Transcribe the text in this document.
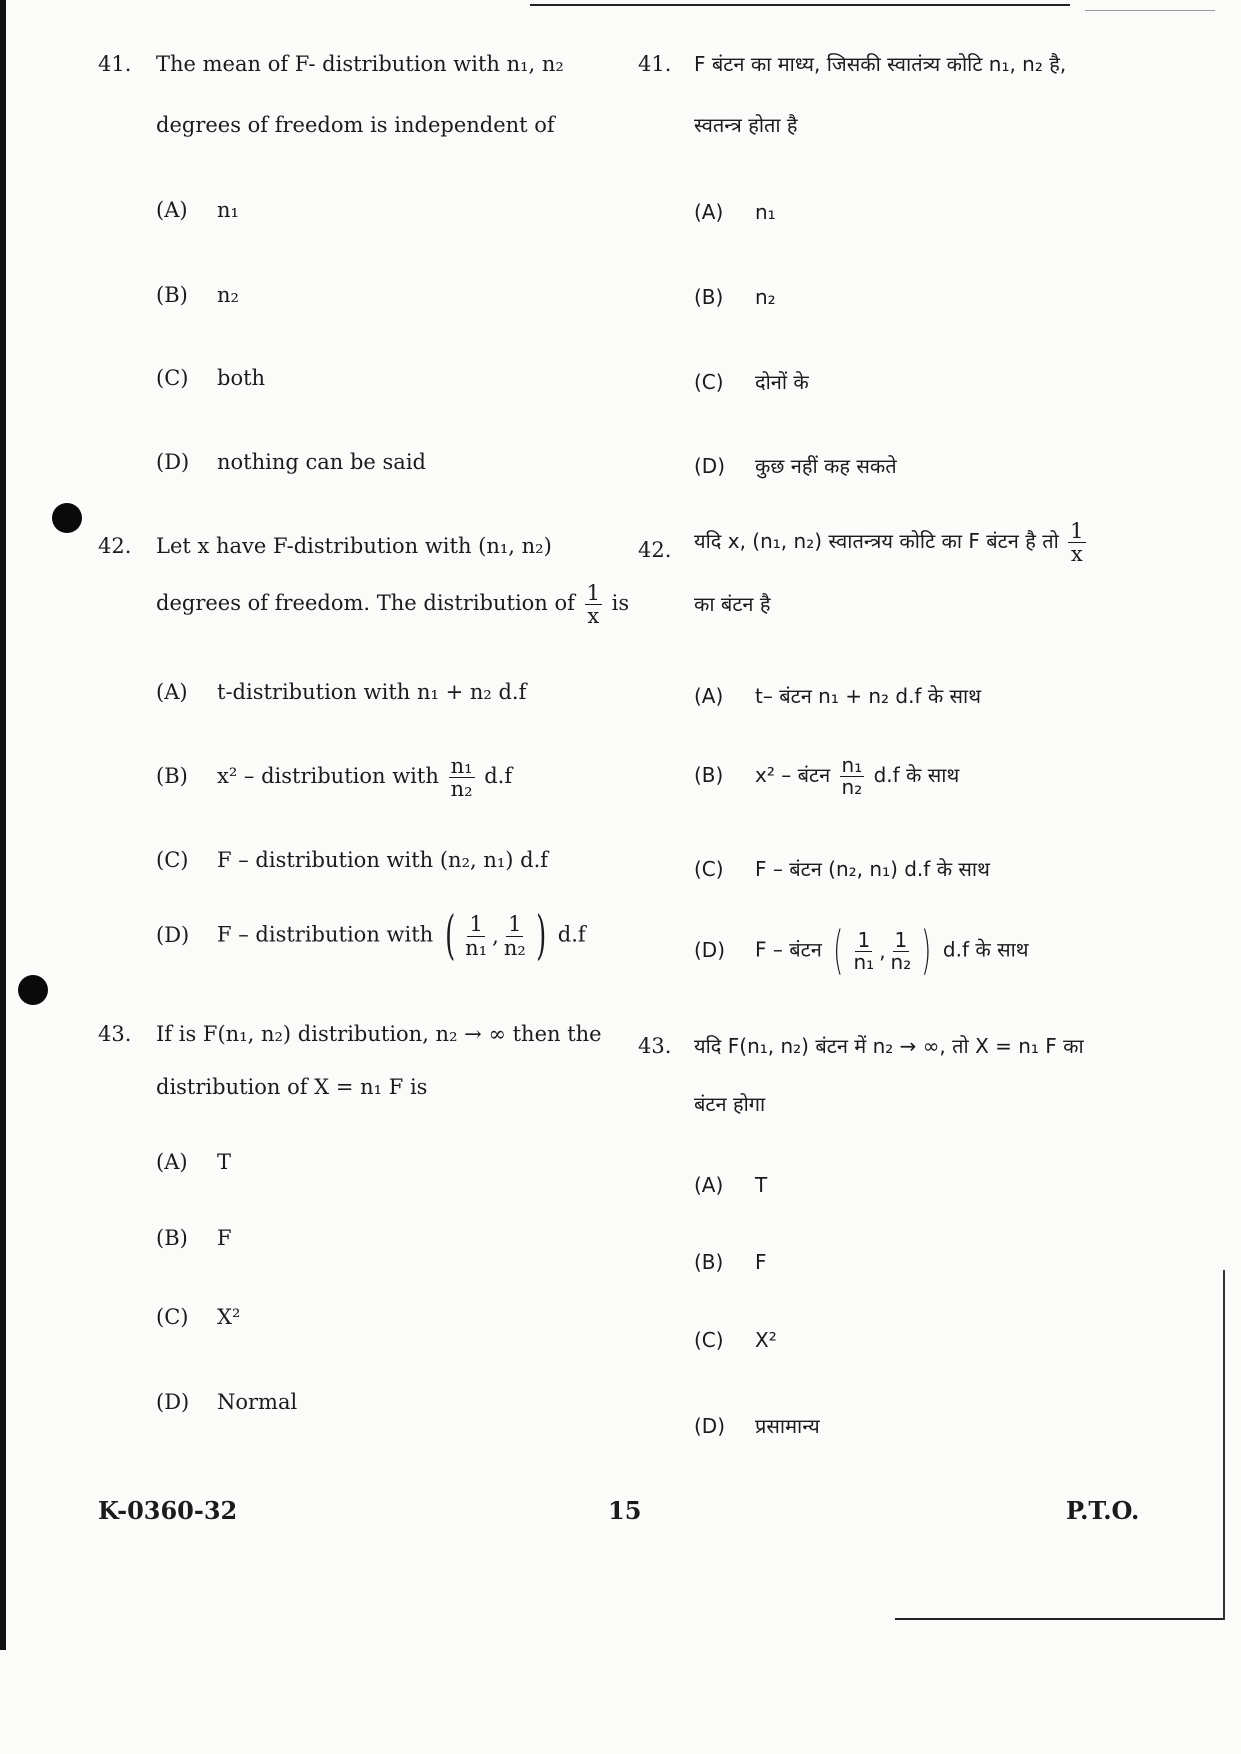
41.	The mean of F- distribution with n₁, n₂
degrees of freedom is independent of
(A) n₁
(B) n₂
(C) both
(D) nothing can be said
41.	F बंटन का माध्य, जिसकी स्वातंत्र्य कोटि n₁, n₂ है,
स्वतन्त्र होता है
(A) n₁
(B) n₂
(C) दोनों के
(D) कुछ नहीं कह सकते
42.	Let x have F-distribution with (n₁, n₂)
degrees of freedom. The distribution of $\frac{1}{x}$ is
(A) t-distribution with n₁ + n₂ d.f
(B) x² – distribution with $\frac{\text{n₁}}{\text{n₂}} d.f$
(C) F – distribution with (n₂, n₁) d.f
(D) F – distribution with ( $\frac{1}{\text{n₁}}$ , $\frac{1}{\text{n₂}}$ ) d.f
42.	यदि x, (n₁, n₂) स्वातन्त्रय कोटि का F बंटन है तो $\frac{1}{x}$
का बंटन है
(A) t– बंटन n₁ + n₂ d.f के साथ
(B) x² – बंटन $\frac{\text{n₁}}{\text{n₂}} d.f$ के साथ
(C) F – बंटन (n₂, n₁) d.f के साथ
(D) F – बंटन ( $\frac{1}{\text{n₁}}$ , $\frac{1}{\text{n₂}}$ ) d.f के साथ
43.	If is F(n₁, n₂) distribution, n₂ → ∞ then the
distribution of X = n₁ F is
(A) T
(B) F
(C) X²
(D) Normal
43.	यदि F(n₁, n₂) बंटन में n₂ → ∞, तो X = n₁ F का
बंटन होगा
(A) T
(B) F
(C) X²
(D) प्रसामान्य
K-0360-32	15	P.T.O.
